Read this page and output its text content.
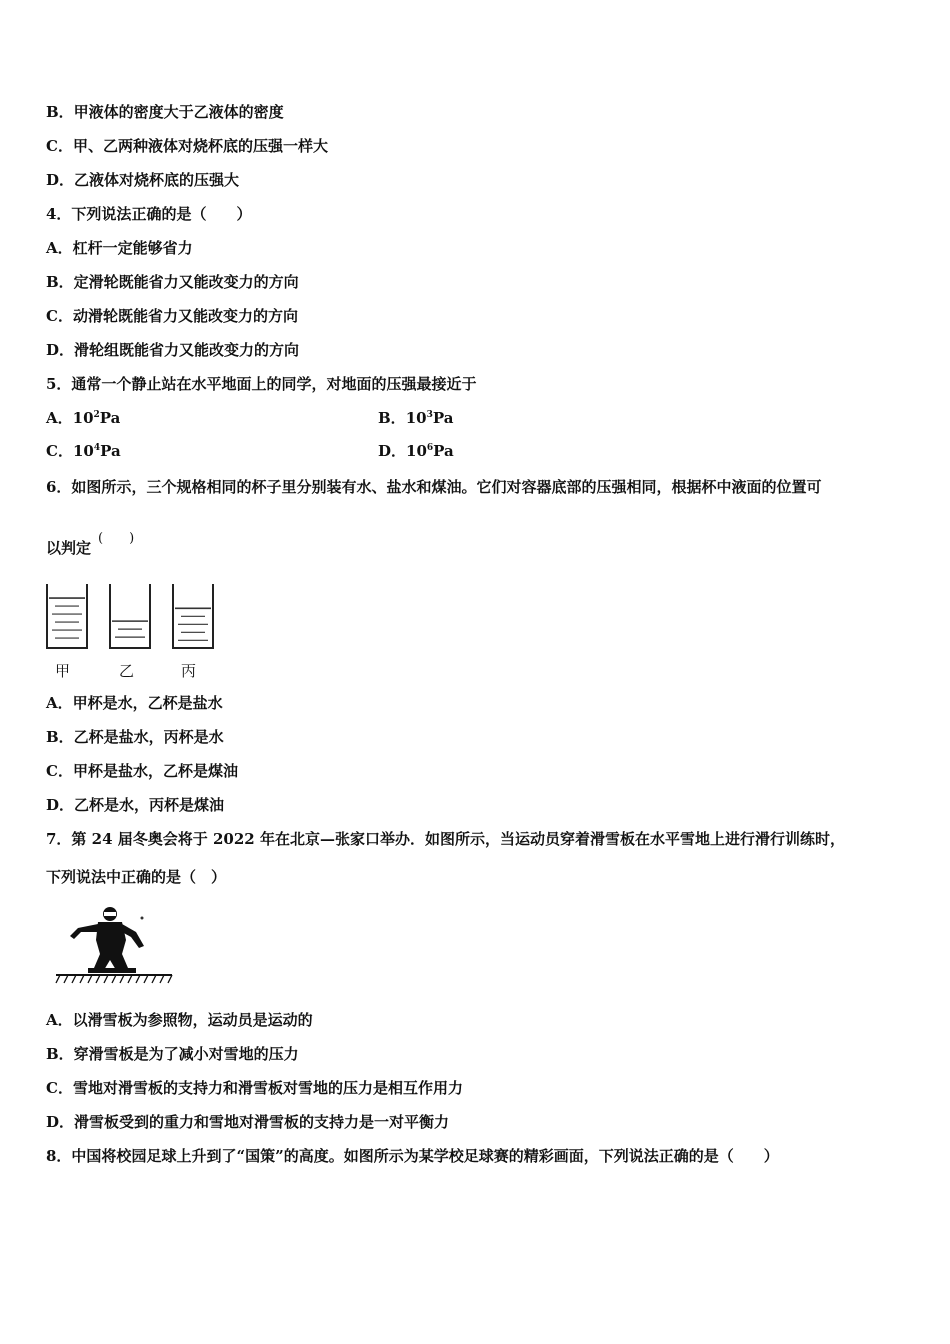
B．甲液体的密度大于乙液体的密度
C．甲、乙两种液体对烧杯底的压强一样大
D．乙液体对烧杯底的压强大
4．下列说法正确的是（　　）
A．杠杆一定能够省力
B．定滑轮既能省力又能改变力的方向
C．动滑轮既能省力又能改变力的方向
D．滑轮组既能省力又能改变力的方向
5．通常一个静止站在水平地面上的同学，对地面的压强最接近于
A．$10^2Pa$	B．$10^3Pa$
C．$10^4Pa$	D．$10^6Pa$
6．如图所示，三个规格相同的杯子里分别装有水、盐水和煤油。它们对容器底部的压强相同，根据杯中液面的位置可
以判定
(　　)
甲	乙	丙
A．甲杯是水，乙杯是盐水
B．乙杯是盐水，丙杯是水
C．甲杯是盐水，乙杯是煤油
D．乙杯是水，丙杯是煤油
7．第 24 届冬奥会将于 2022 年在北京—张家口举办．如图所示，当运动员穿着滑雪板在水平雪地上进行滑行训练时，
下列说法中正确的是（　）
A．以滑雪板为参照物，运动员是运动的
B．穿滑雪板是为了减小对雪地的压力
C．雪地对滑雪板的支持力和滑雪板对雪地的压力是相互作用力
D．滑雪板受到的重力和雪地对滑雪板的支持力是一对平衡力
8．中国将校园足球上升到了“国策”的高度。如图所示为某学校足球赛的精彩画面，下列说法正确的是（　　）
